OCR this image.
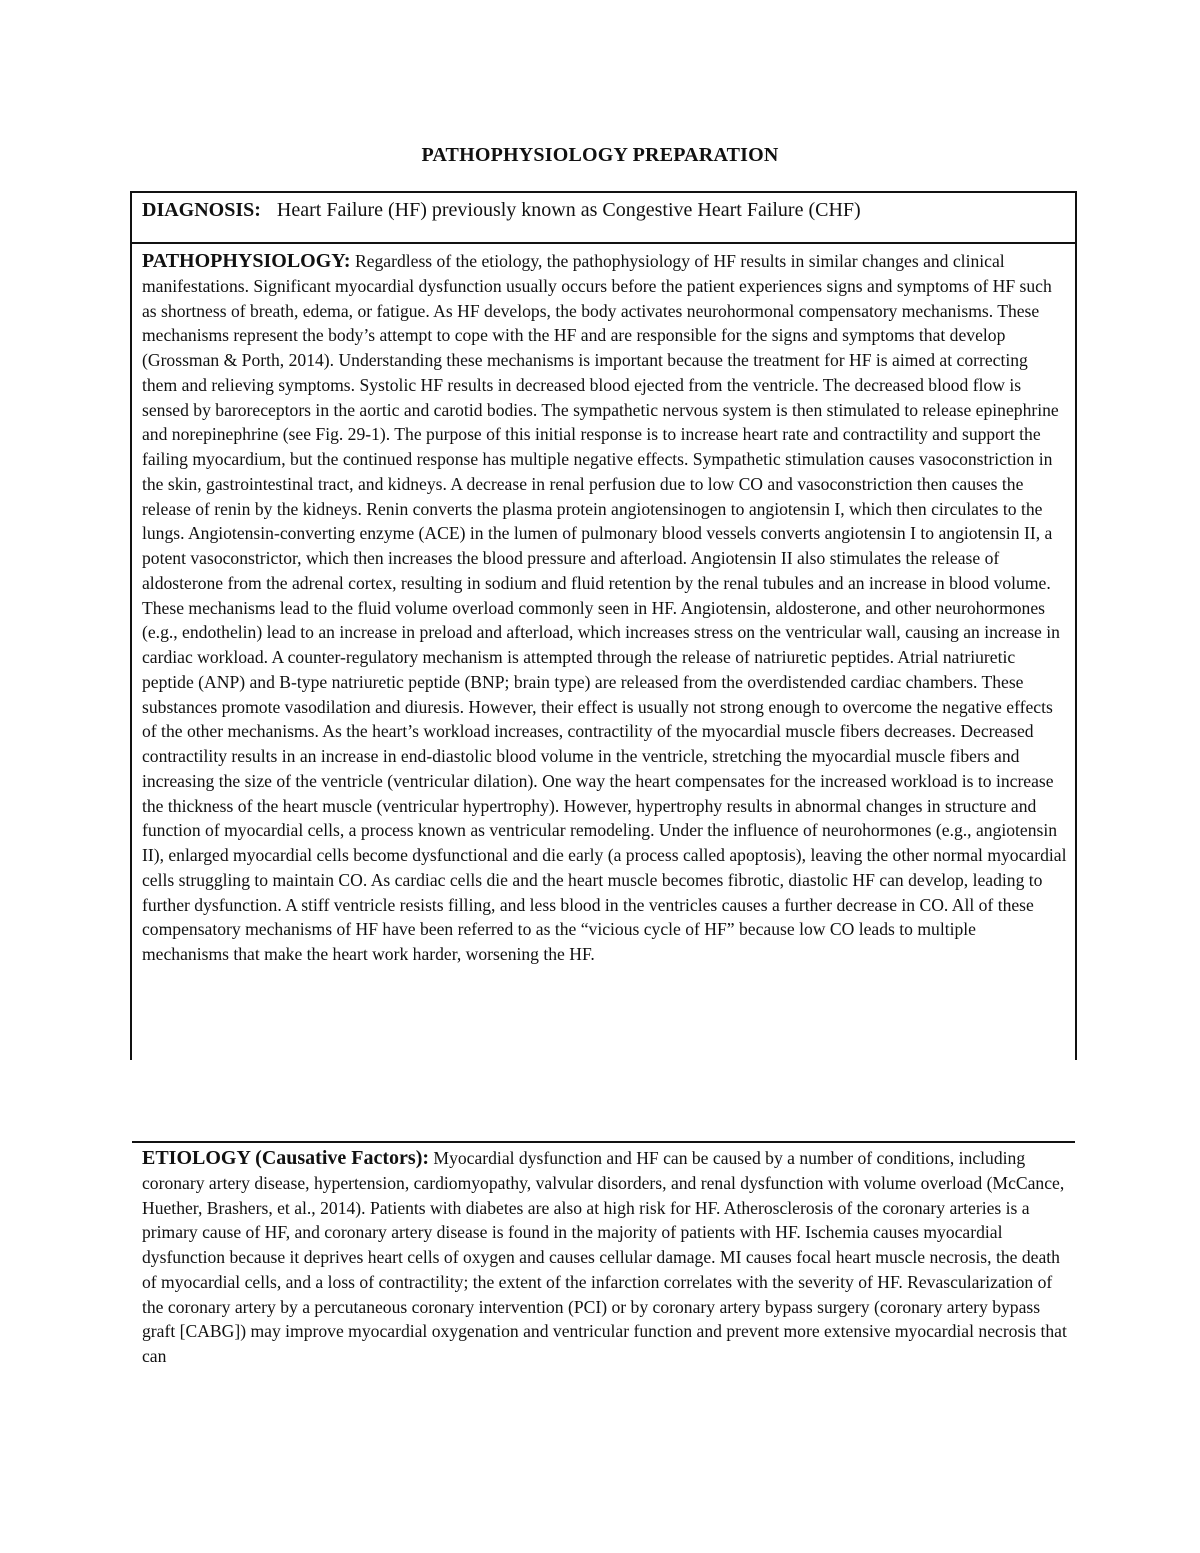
PATHOPHYSIOLOGY PREPARATION
DIAGNOSIS: Heart Failure (HF) previously known as Congestive Heart Failure (CHF)

PATHOPHYSIOLOGY: Regardless of the etiology, the pathophysiology of HF results in similar changes and clinical manifestations. Significant myocardial dysfunction usually occurs before the patient experiences signs and symptoms of HF such as shortness of breath, edema, or fatigue. As HF develops, the body activates neurohormonal compensatory mechanisms. These mechanisms represent the body’s attempt to cope with the HF and are responsible for the signs and symptoms that develop (Grossman & Porth, 2014). Understanding these mechanisms is important because the treatment for HF is aimed at correcting them and relieving symptoms. Systolic HF results in decreased blood ejected from the ventricle. The decreased blood flow is sensed by baroreceptors in the aortic and carotid bodies. The sympathetic nervous system is then stimulated to release epinephrine and norepinephrine (see Fig. 29-1). The purpose of this initial response is to increase heart rate and contractility and support the failing myocardium, but the continued response has multiple negative effects. Sympathetic stimulation causes vasoconstriction in the skin, gastrointestinal tract, and kidneys. A decrease in renal perfusion due to low CO and vasoconstriction then causes the release of renin by the kidneys. Renin converts the plasma protein angiotensinogen to angiotensin I, which then circulates to the lungs. Angiotensin-converting enzyme (ACE) in the lumen of pulmonary blood vessels converts angiotensin I to angiotensin II, a potent vasoconstrictor, which then increases the blood pressure and afterload. Angiotensin II also stimulates the release of aldosterone from the adrenal cortex, resulting in sodium and fluid retention by the renal tubules and an increase in blood volume. These mechanisms lead to the fluid volume overload commonly seen in HF. Angiotensin, aldosterone, and other neurohormones (e.g., endothelin) lead to an increase in preload and afterload, which increases stress on the ventricular wall, causing an increase in cardiac workload. A counter-regulatory mechanism is attempted through the release of natriuretic peptides. Atrial natriuretic peptide (ANP) and B-type natriuretic peptide (BNP; brain type) are released from the overdistended cardiac chambers. These substances promote vasodilation and diuresis. However, their effect is usually not strong enough to overcome the negative effects of the other mechanisms. As the heart’s workload increases, contractility of the myocardial muscle fibers decreases. Decreased contractility results in an increase in end-diastolic blood volume in the ventricle, stretching the myocardial muscle fibers and increasing the size of the ventricle (ventricular dilation). One way the heart compensates for the increased workload is to increase the thickness of the heart muscle (ventricular hypertrophy). However, hypertrophy results in abnormal changes in structure and function of myocardial cells, a process known as ventricular remodeling. Under the influence of neurohormones (e.g., angiotensin II), enlarged myocardial cells become dysfunctional and die early (a process called apoptosis), leaving the other normal myocardial cells struggling to maintain CO. As cardiac cells die and the heart muscle becomes fibrotic, diastolic HF can develop, leading to further dysfunction. A stiff ventricle resists filling, and less blood in the ventricles causes a further decrease in CO. All of these compensatory mechanisms of HF have been referred to as the “vicious cycle of HF” because low CO leads to multiple mechanisms that make the heart work harder, worsening the HF.

ETIOLOGY (Causative Factors): Myocardial dysfunction and HF can be caused by a number of conditions, including coronary artery disease, hypertension, cardiomyopathy, valvular disorders, and renal dysfunction with volume overload (McCance, Huether, Brashers, et al., 2014). Patients with diabetes are also at high risk for HF. Atherosclerosis of the coronary arteries is a primary cause of HF, and coronary artery disease is found in the majority of patients with HF. Ischemia causes myocardial dysfunction because it deprives heart cells of oxygen and causes cellular damage. MI causes focal heart muscle necrosis, the death of myocardial cells, and a loss of contractility; the extent of the infarction correlates with the severity of HF. Revascularization of the coronary artery by a percutaneous coronary intervention (PCI) or by coronary artery bypass surgery (coronary artery bypass graft [CABG]) may improve myocardial oxygenation and ventricular function and prevent more extensive myocardial necrosis that can
